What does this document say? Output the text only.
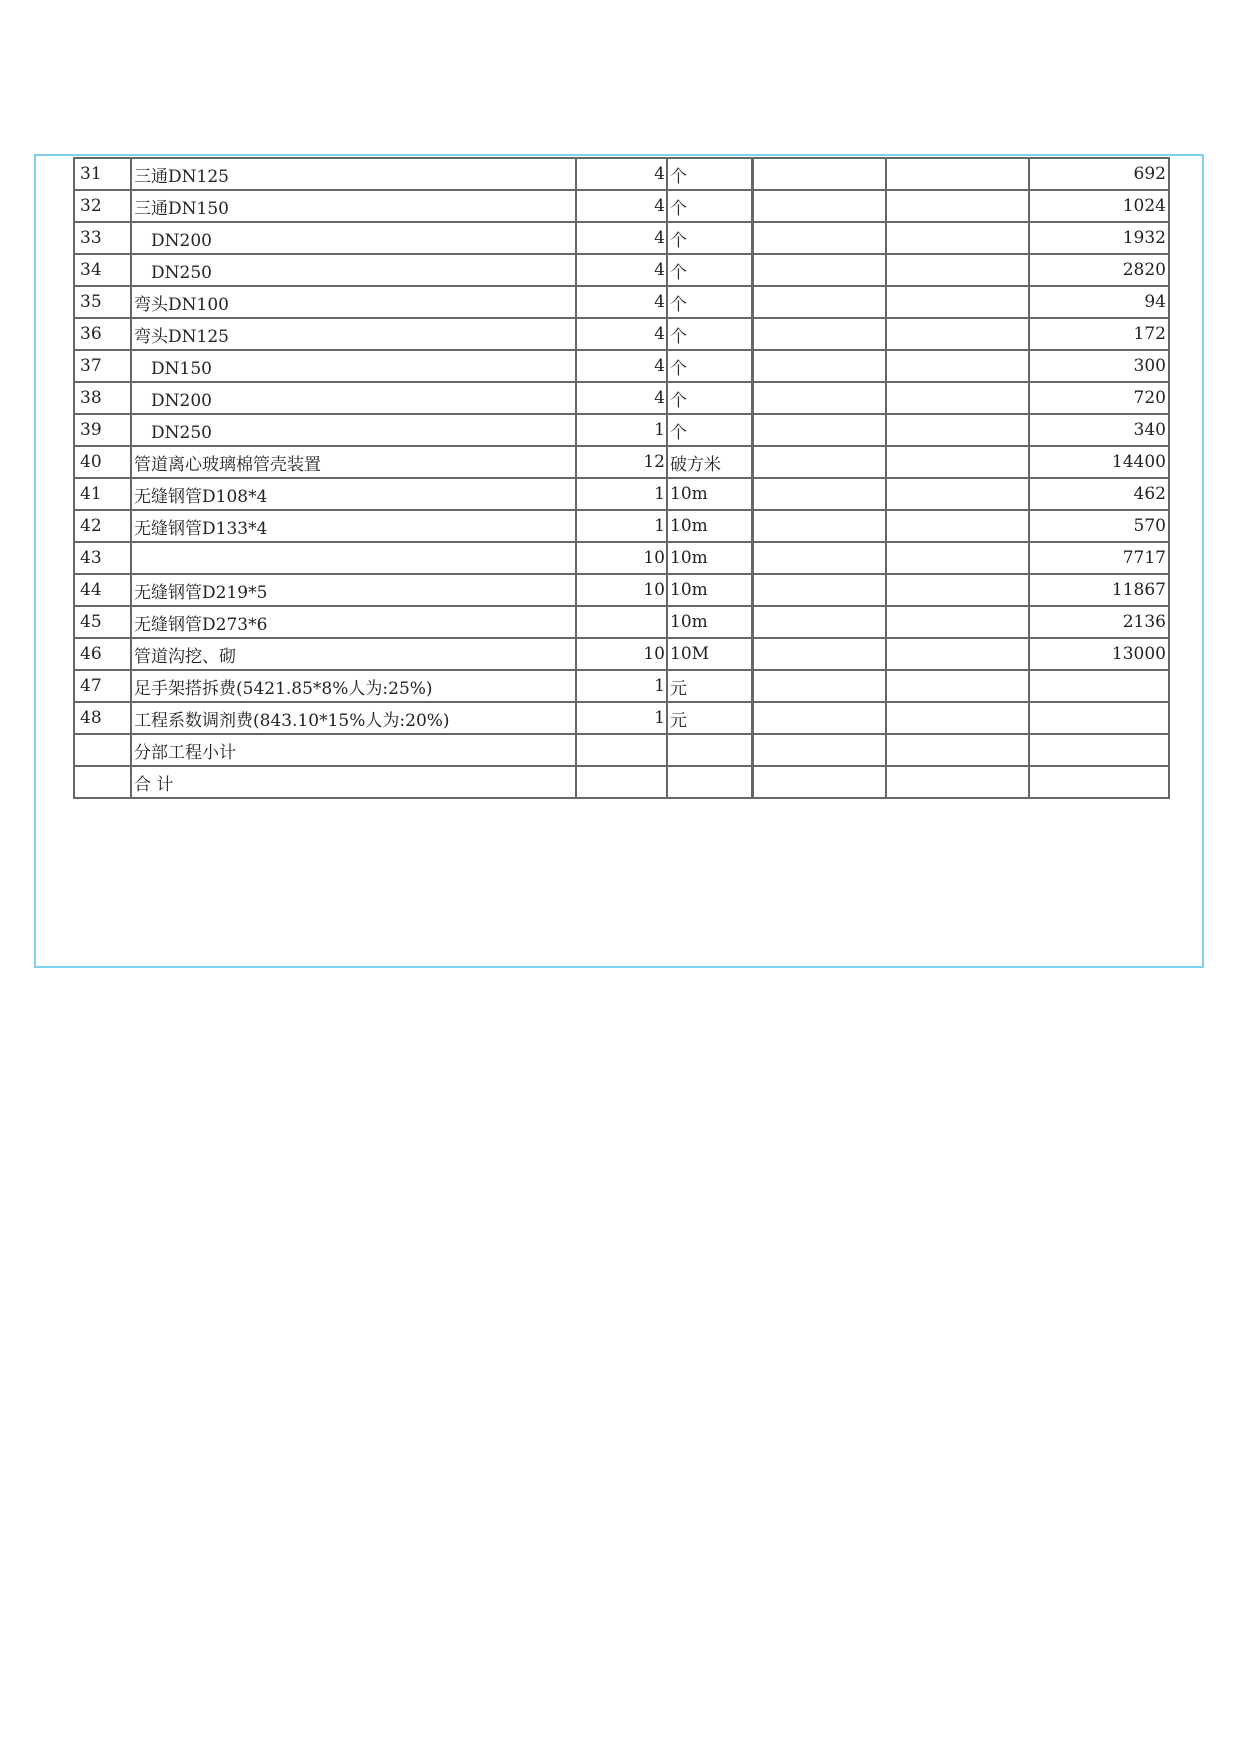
31	三通DN125	4	个			692
32	三通DN150	4	个			1024
33	　DN200	4	个			1932
34	　DN250	4	个			2820
35	弯头DN100	4	个			94
36	弯头DN125	4	个			172
37	　DN150	4	个			300
38	　DN200	4	个			720
39	　DN250	1	个			340
40	管道离心玻璃棉管壳装置	12	破方米			14400
41	无缝钢管D108*4	1	10m			462
42	无缝钢管D133*4	1	10m			570
43		10	10m			7717
44	无缝钢管D219*5	10	10m			11867
45	无缝钢管D273*6		10m			2136
46	管道沟挖、砌	10	10M			13000
47	足手架搭拆费(5421.85*8%人为:25%)	1	元			
48	工程系数调剂费(843.10*15%人为:20%)	1	元			
	分部工程小计					
	合 计					
